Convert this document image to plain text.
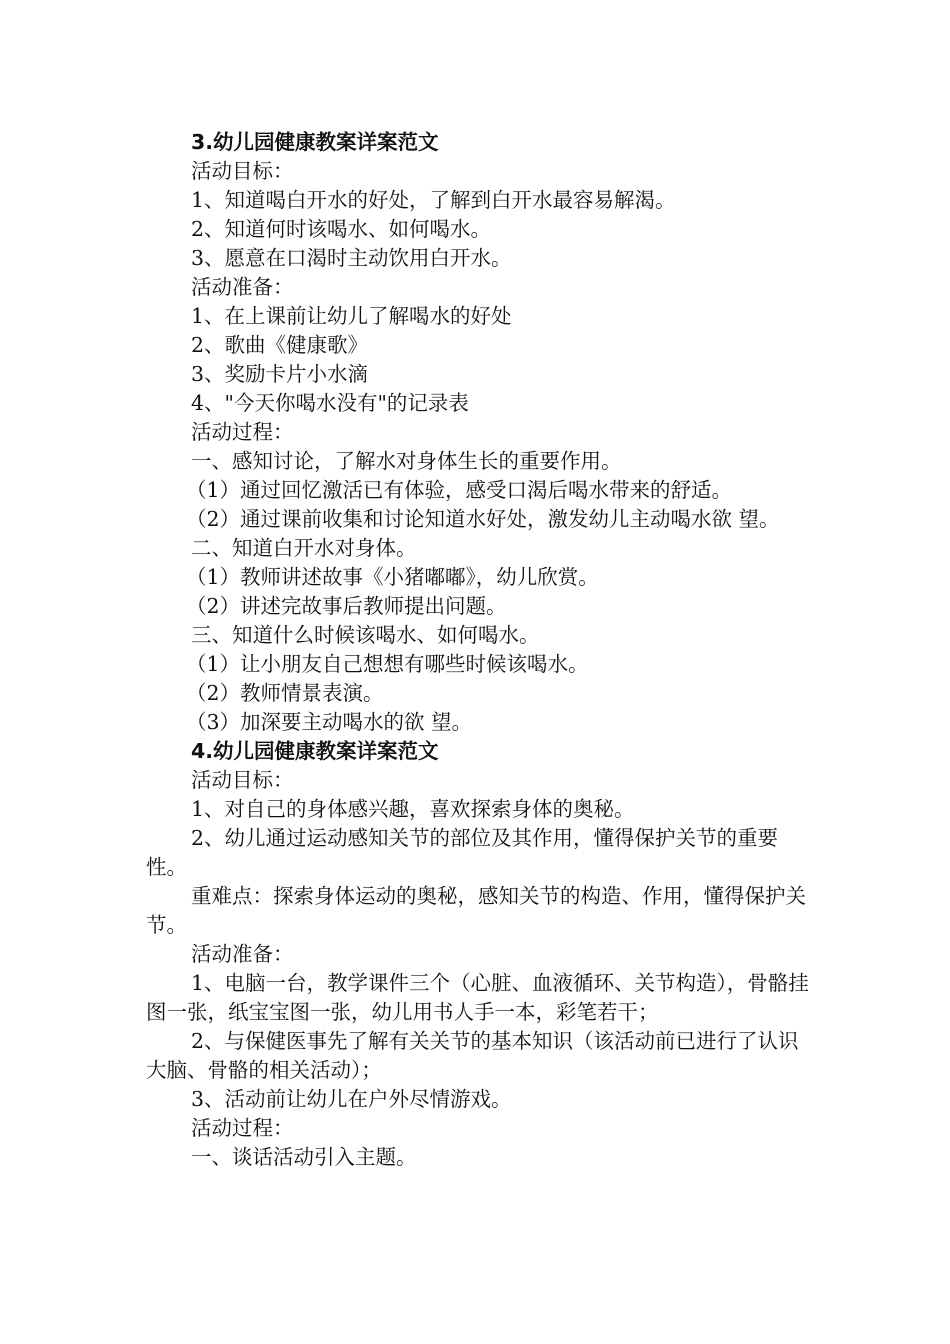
3.幼儿园健康教案详案范文
活动目标：
1、知道喝白开水的好处，了解到白开水最容易解渴。
2、知道何时该喝水、如何喝水。
3、愿意在口渴时主动饮用白开水。
活动准备：
1、在上课前让幼儿了解喝水的好处
2、歌曲《健康歌》
3、奖励卡片小水滴
4、"今天你喝水没有"的记录表
活动过程：
一、感知讨论，了解水对身体生长的重要作用。
（1）通过回忆激活已有体验，感受口渴后喝水带来的舒适。
（2）通过课前收集和讨论知道水好处，激发幼儿主动喝水欲 望。
二、知道白开水对身体。
（1）教师讲述故事《小猪嘟嘟》，幼儿欣赏。
（2）讲述完故事后教师提出问题。
三、知道什么时候该喝水、如何喝水。
（1）让小朋友自己想想有哪些时候该喝水。
（2）教师情景表演。
（3）加深要主动喝水的欲 望。
4.幼儿园健康教案详案范文
活动目标：
1、对自己的身体感兴趣，喜欢探索身体的奥秘。
2、幼儿通过运动感知关节的部位及其作用，懂得保护关节的重要性。
重难点：探索身体运动的奥秘，感知关节的构造、作用，懂得保护关节。
活动准备：
1、电脑一台，教学课件三个（心脏、血液循环、关节构造），骨骼挂图一张，纸宝宝图一张，幼儿用书人手一本，彩笔若干；
2、与保健医事先了解有关关节的基本知识（该活动前已进行了认识大脑、骨骼的相关活动）；
3、活动前让幼儿在户外尽情游戏。
活动过程：
一、谈话活动引入主题。
